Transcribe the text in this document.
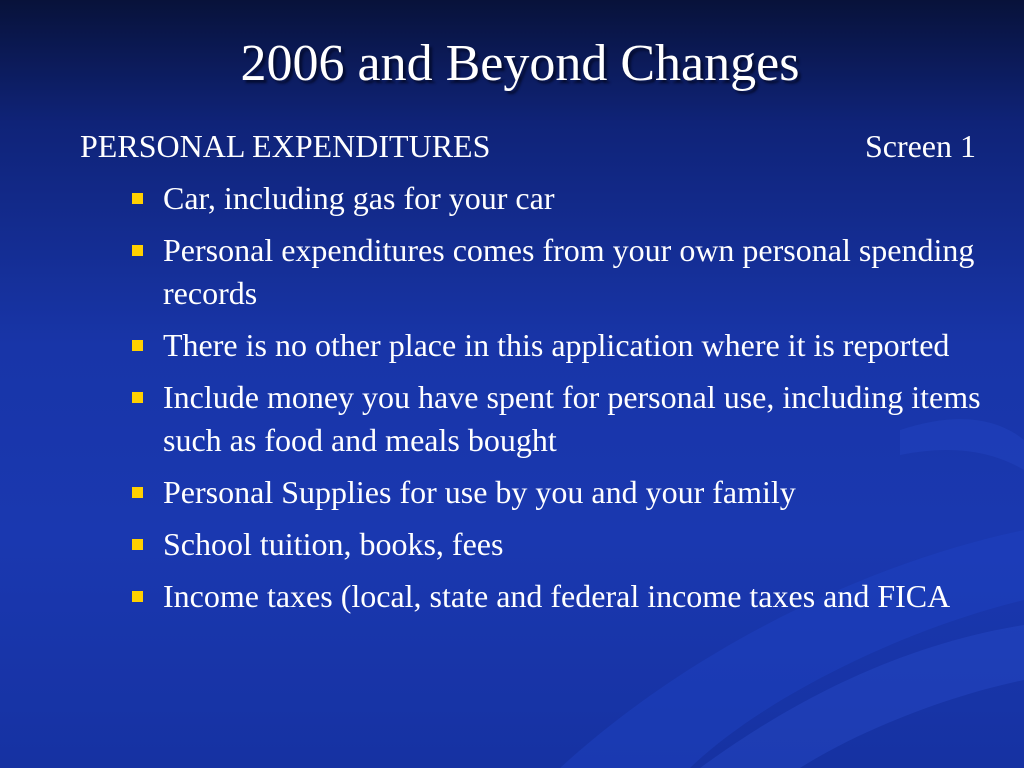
2006 and Beyond Changes
PERSONAL EXPENDITURES	Screen 1
Car, including gas for your car
Personal expenditures comes from your own personal spending records
There is no other place in this application where it is reported
Include money you have spent for personal use, including items such as food and meals bought
Personal Supplies for use by you and your family
School tuition, books, fees
Income taxes (local, state and federal income taxes and FICA
